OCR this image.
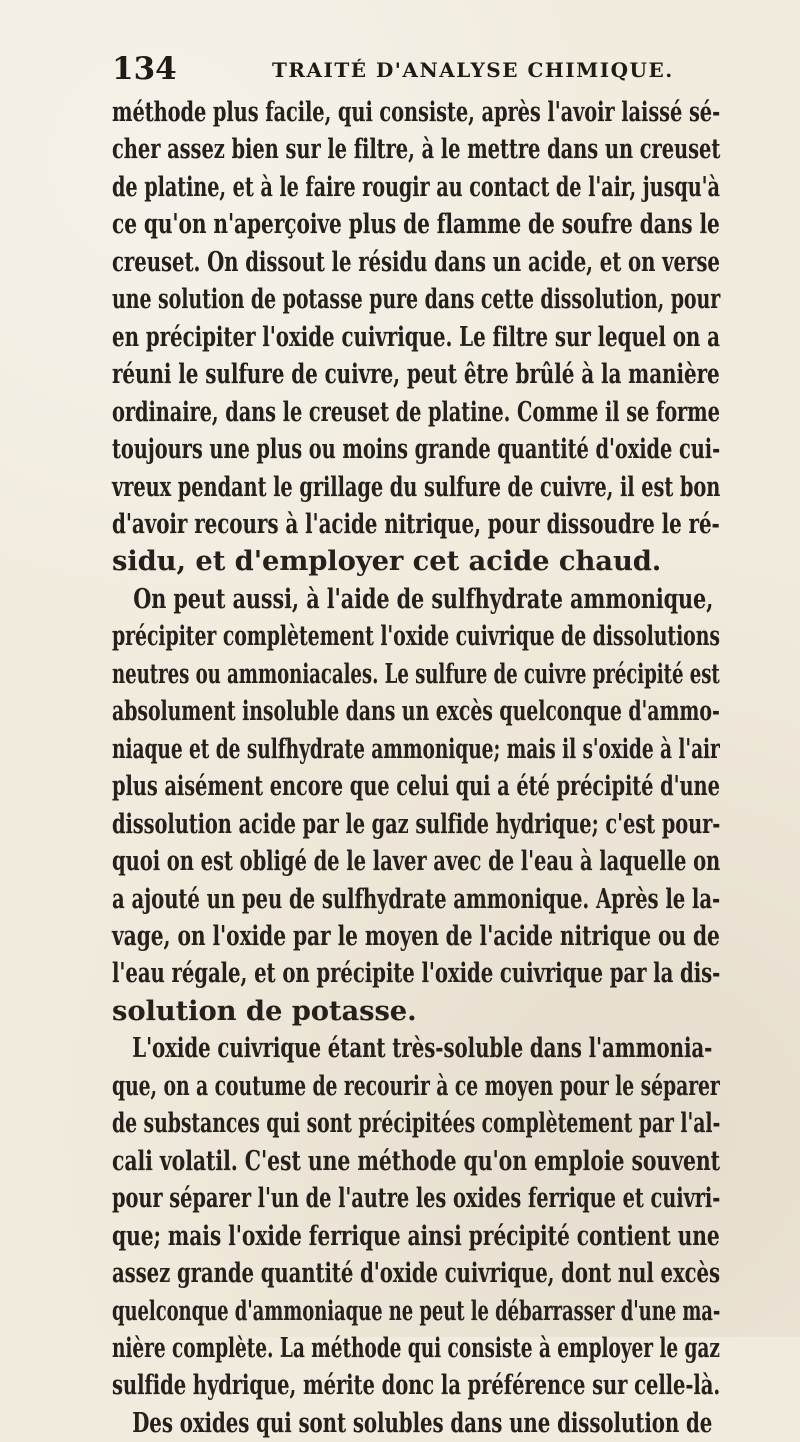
134	TRAITÉ D'ANALYSE CHIMIQUE.
méthode plus facile, qui consiste, après l'avoir laissé sé-
cher assez bien sur le filtre, à le mettre dans un creuset
de platine, et à le faire rougir au contact de l'air, jusqu'à
ce qu'on n'aperçoive plus de flamme de soufre dans le
creuset. On dissout le résidu dans un acide, et on verse
une solution de potasse pure dans cette dissolution, pour
en précipiter l'oxide cuivrique. Le filtre sur lequel on a
réuni le sulfure de cuivre, peut être brûlé à la manière
ordinaire, dans le creuset de platine. Comme il se forme
toujours une plus ou moins grande quantité d'oxide cui-
vreux pendant le grillage du sulfure de cuivre, il est bon
d'avoir recours à l'acide nitrique, pour dissoudre le ré-
sidu, et d'employer cet acide chaud.
On peut aussi, à l'aide de sulfhydrate ammonique,
précipiter complètement l'oxide cuivrique de dissolutions
neutres ou ammoniacales. Le sulfure de cuivre précipité est
absolument insoluble dans un excès quelconque d'ammo-
niaque et de sulfhydrate ammonique; mais il s'oxide à l'air
plus aisément encore que celui qui a été précipité d'une
dissolution acide par le gaz sulfide hydrique; c'est pour-
quoi on est obligé de le laver avec de l'eau à laquelle on
a ajouté un peu de sulfhydrate ammonique. Après le la-
vage, on l'oxide par le moyen de l'acide nitrique ou de
l'eau régale, et on précipite l'oxide cuivrique par la dis-
solution de potasse.
L'oxide cuivrique étant très-soluble dans l'ammonia-
que, on a coutume de recourir à ce moyen pour le séparer
de substances qui sont précipitées complètement par l'al-
cali volatil. C'est une méthode qu'on emploie souvent
pour séparer l'un de l'autre les oxides ferrique et cuivri-
que; mais l'oxide ferrique ainsi précipité contient une
assez grande quantité d'oxide cuivrique, dont nul excès
quelconque d'ammoniaque ne peut le débarrasser d'une ma-
nière complète. La méthode qui consiste à employer le gaz
sulfide hydrique, mérite donc la préférence sur celle-là.
Des oxides qui sont solubles dans une dissolution de
